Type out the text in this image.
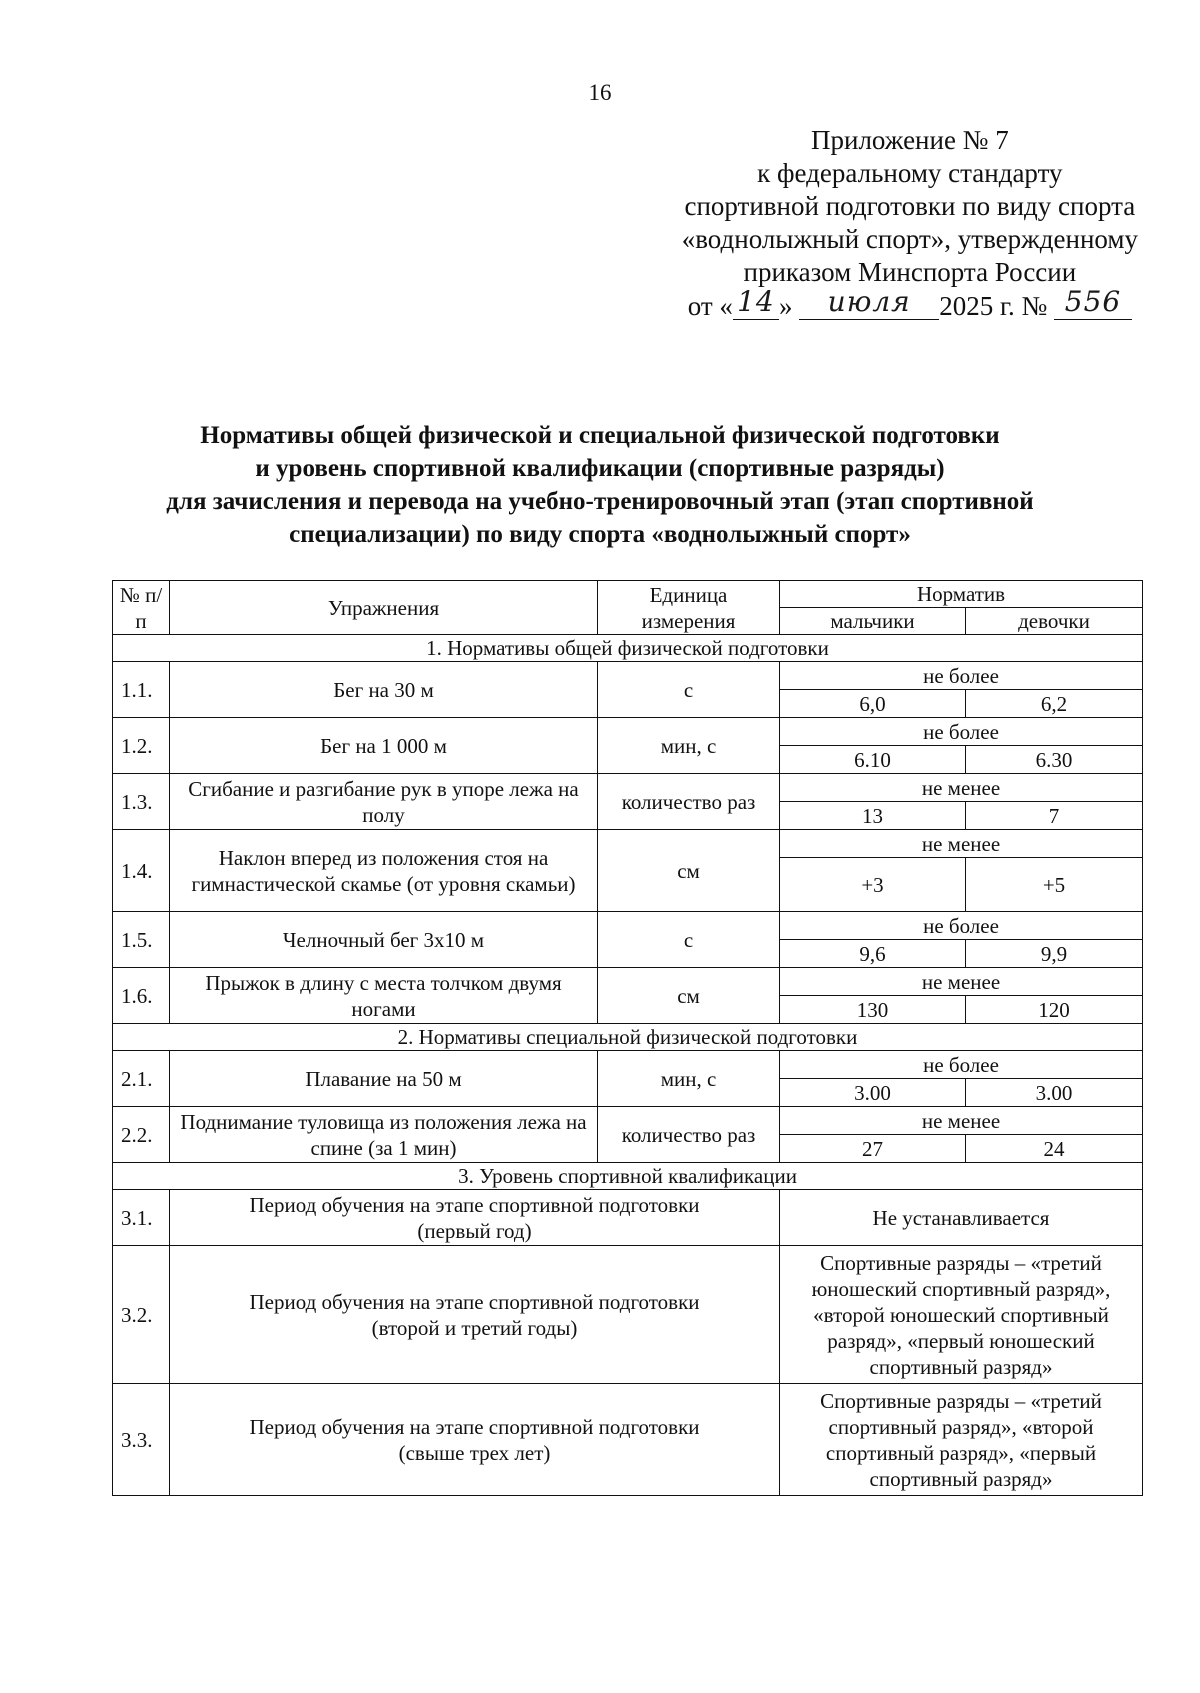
16
Приложение № 7
к федеральному стандарту
спортивной подготовки по виду спорта
«воднолыжный спорт», утвержденному
приказом Минспорта России
от « 14 » июля 2025 г. № 556
Нормативы общей физической и специальной физической подготовки
и уровень спортивной квалификации (спортивные разряды)
для зачисления и перевода на учебно-тренировочный этап (этап спортивной
специализации) по виду спорта «воднолыжный спорт»
№ п/п	Упражнения	Единица измерения	Норматив	
			мальчики	девочки
1. Нормативы общей физической подготовки				
1.1.	Бег на 30 м	с	не более	
			6,0	6,2
1.2.	Бег на 1 000 м	мин, с	не более	
			6.10	6.30
1.3.	Сгибание и разгибание рук в упоре лежа на полу	количество раз	не менее	
			13	7
1.4.	Наклон вперед из положения стоя на гимнастической скамье (от уровня скамьи)	см	не менее	
			+3	+5
1.5.	Челночный бег 3х10 м	с	не более	
			9,6	9,9
1.6.	Прыжок в длину с места толчком двумя ногами	см	не менее	
			130	120
2. Нормативы специальной физической подготовки				
2.1.	Плавание на 50 м	мин, с	не более	
			3.00	3.00
2.2.	Поднимание туловища из положения лежа на спине (за 1 мин)	количество раз	не менее	
			27	24
3. Уровень спортивной квалификации				
3.1.	Период обучения на этапе спортивной подготовки (первый год)		Не устанавливается	
3.2.	Период обучения на этапе спортивной подготовки (второй и третий годы)		Спортивные разряды – «третий юношеский спортивный разряд», «второй юношеский спортивный разряд», «первый юношеский спортивный разряд»	
3.3.	Период обучения на этапе спортивной подготовки (свыше трех лет)		Спортивные разряды – «третий спортивный разряд», «второй спортивный разряд», «первый спортивный разряд»	
